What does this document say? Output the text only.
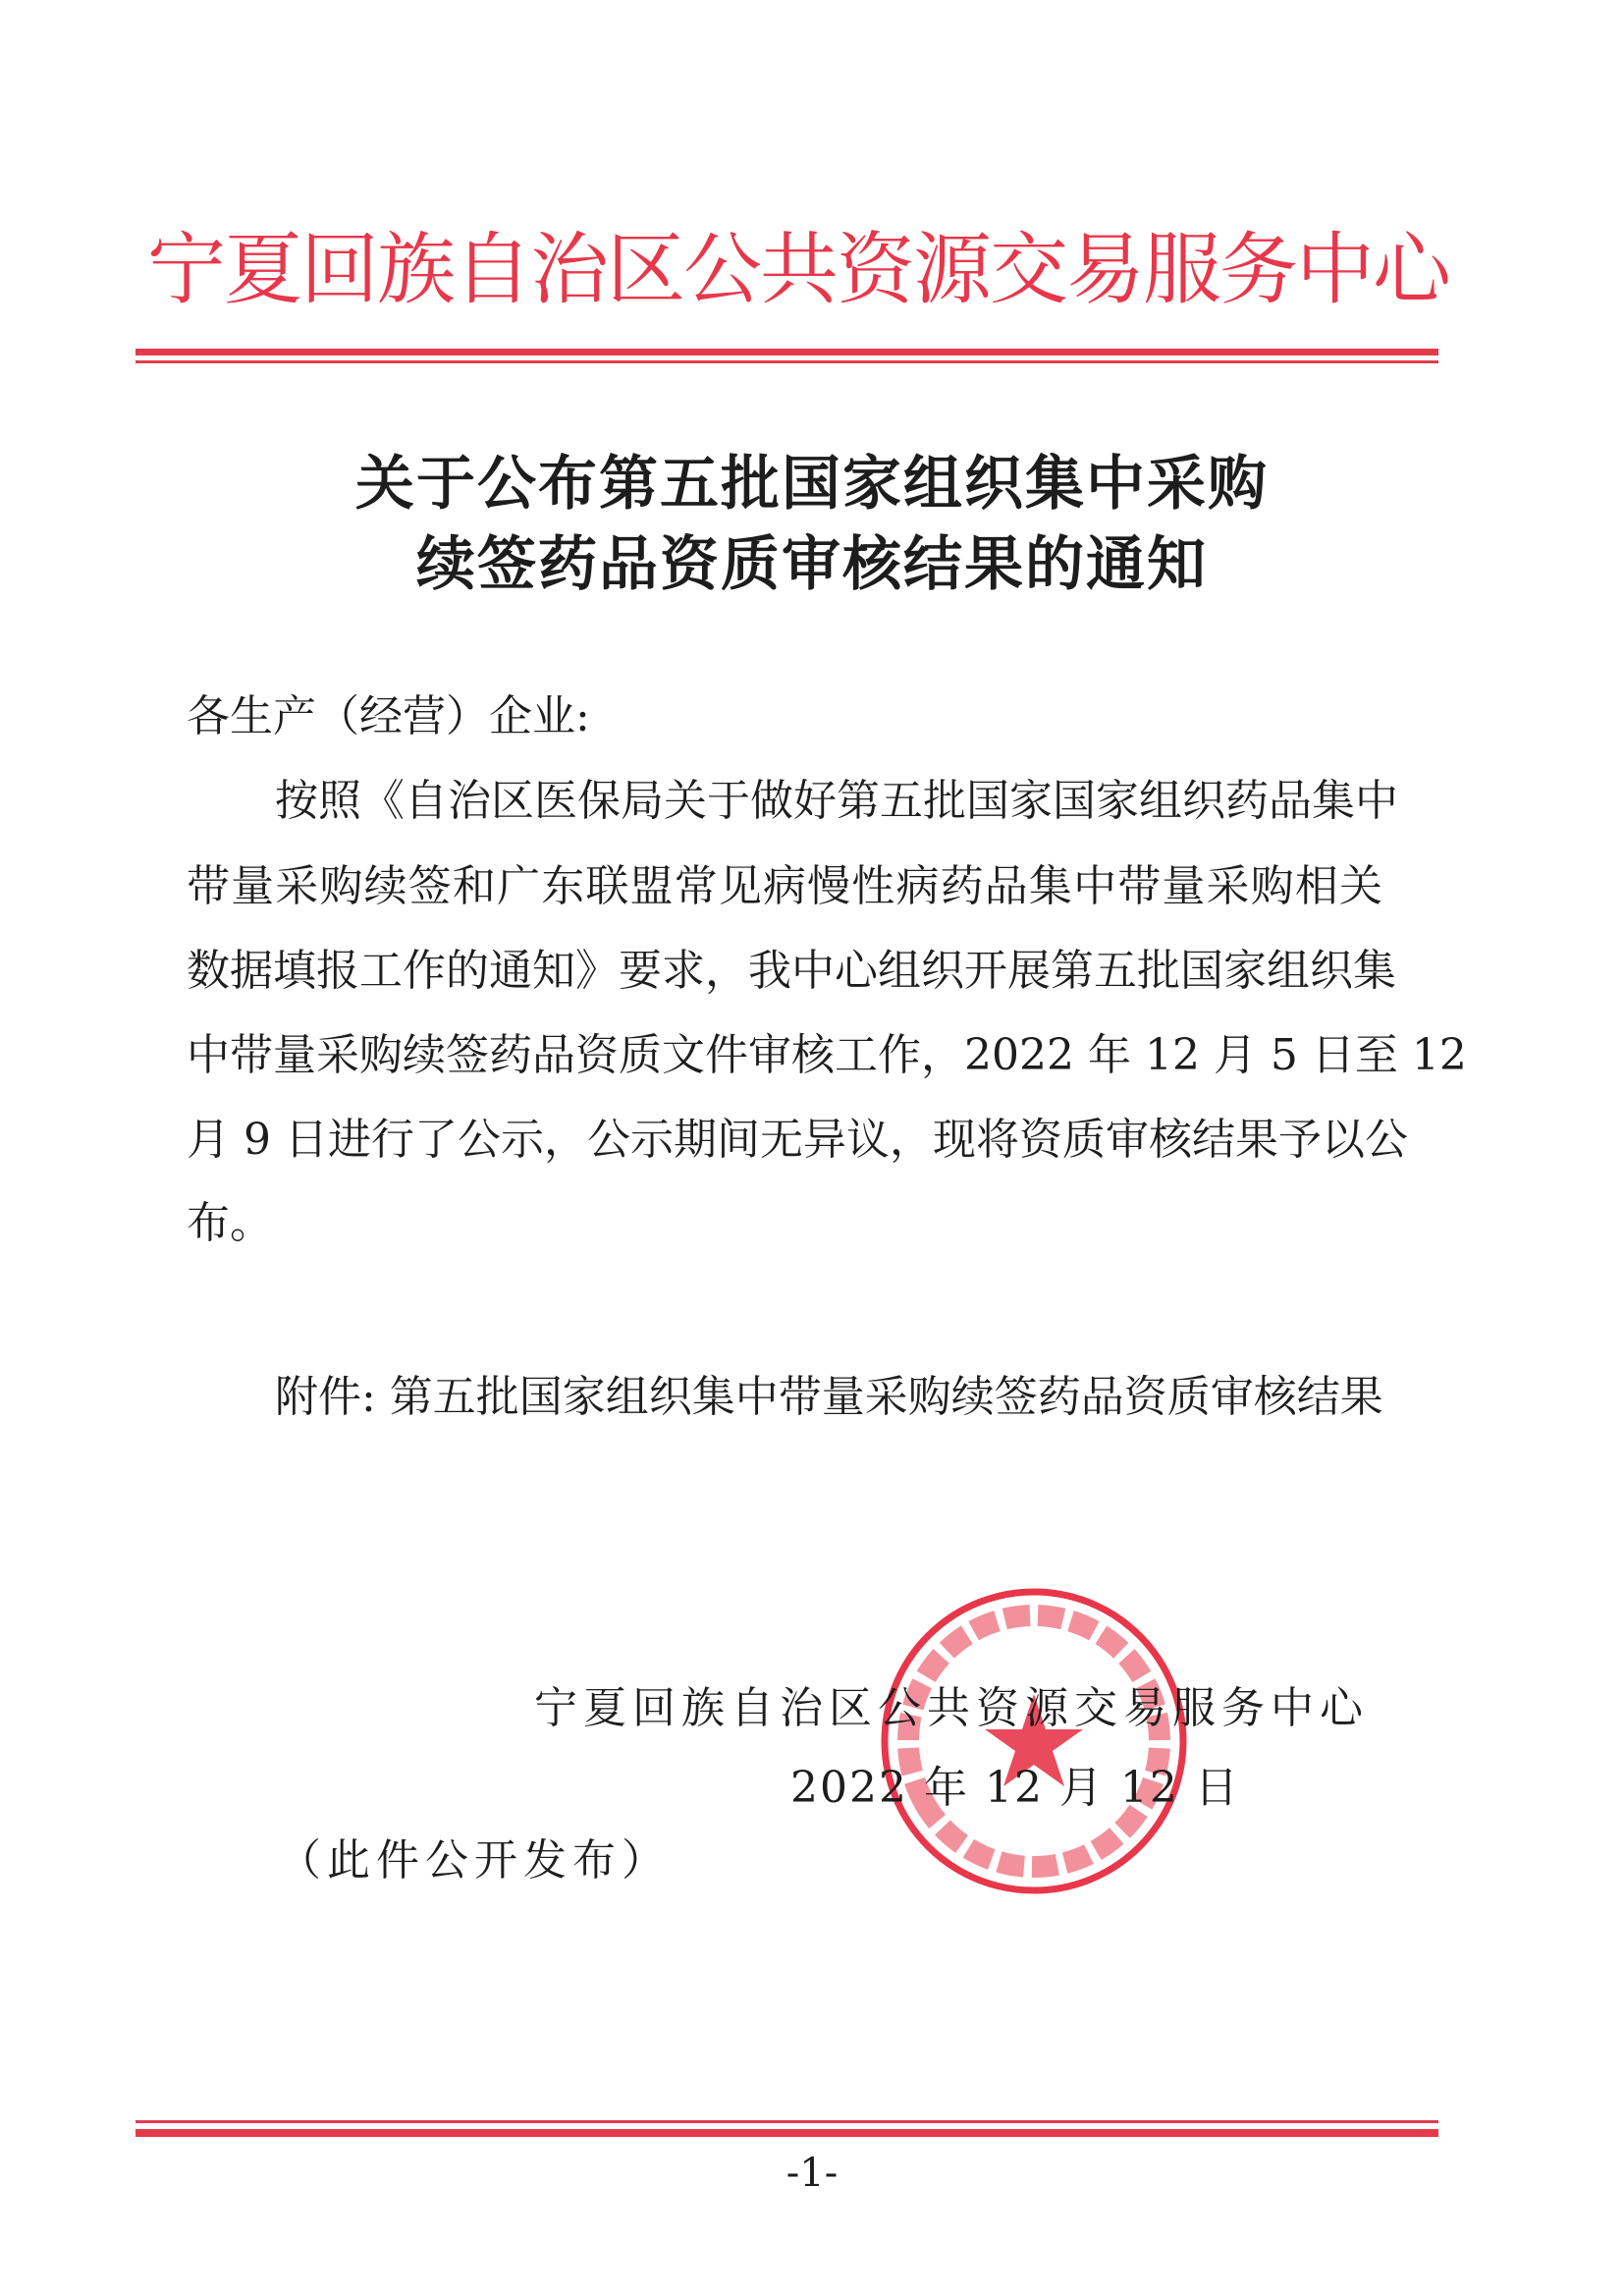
宁夏回族自治区公共资源交易服务中心
关于公布第五批国家组织集中采购
续签药品资质审核结果的通知
各生产（经营）企业:
按照《自治区医保局关于做好第五批国家国家组织药品集中
带量采购续签和广东联盟常见病慢性病药品集中带量采购相关
数据填报工作的通知》要求，我中心组织开展第五批国家组织集
中带量采购续签药品资质文件审核工作，2022 年 12 月 5 日至 12
月 9 日进行了公示，公示期间无异议，现将资质审核结果予以公
布。
附件: 第五批国家组织集中带量采购续签药品资质审核结果
宁夏回族自治区公共资源交易服务中心
2022 年 12 月 12 日
（此件公开发布）
-1-
